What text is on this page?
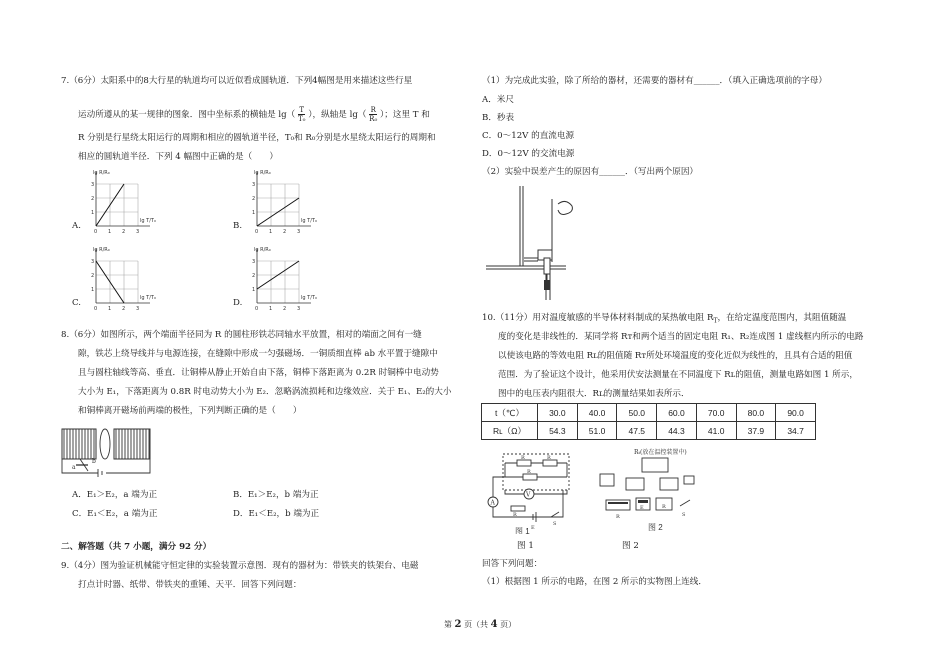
7.（6分）太阳系中的8大行星的轨道均可以近似看成圆轨道．下列4幅图是用来描述这些行星
运动所遵从的某一规律的图象．图中坐标系的横轴是 $\lg( \frac{T}{\text{T₀}}$ ），纵轴是 $\lg( \frac{R}{\text{R₀}}$ ）；这里 T 和
R 分别是行星绕太阳运行的周期和相应的圆轨道半径，T₀和 R₀分别是水星绕太阳运行的周期和
相应的圆轨道半径．下列 4 幅图中正确的是（　　）
A.	B.
C.	D.
0 1 2 3
3
2
1
lg R/R₀
lg T/T₀
0 1 2 3
3
2
1
lg R/R₀
lg T/T₀
0 1 2 3
3
2
1
lg R/R₀
lg T/T₀
0 1 2 3
3
2
1
lg R/R₀
lg T/T₀
8.（6分）如图所示，两个端面半径同为 R 的圆柱形铁芯同轴水平放置，相对的端面之间有一缝
隙，铁芯上绕导线并与电源连接，在缝隙中形成一匀强磁场．一铜质细直棒 ab 水平置于缝隙中
且与圆柱轴线等高、垂直．让铜棒从静止开始自由下落，铜棒下落距离为 0.2R 时铜棒中电动势
大小为 E₁，下落距离为 0.8R 时电动势大小为 E₂．忽略涡流损耗和边缘效应．关于 E₁、E₂的大小
和铜棒离开磁场前两端的极性，下列判断正确的是（　　）
b
a
A．E₁＞E₂，a 端为正	B．E₁＞E₂，b 端为正
C．E₁＜E₂，a 端为正	D．E₁＜E₂，b 端为正
二、解答题（共 7 小题，满分 92 分）
9.（4分）图为验证机械能守恒定律的实验装置示意图．现有的器材为：带铁夹的铁架台、电磁
打点计时器、纸带、带铁夹的重锤、天平．回答下列问题：
（1）为完成此实验，除了所给的器材，还需要的器材有______．（填入正确选项前的字母）
A．米尺
B．秒表
C．0～12V 的直流电源
D．0～12V 的交流电源
（2）实验中误差产生的原因有______．（写出两个原因）
10.（11分）用对温度敏感的半导体材料制成的某热敏电阻 $R_T$，在给定温度范围内，其阻值随温
度的变化是非线性的．某同学将 Rт和两个适当的固定电阻 R₁、R₂连成图 1 虚线框内所示的电路
以使该电路的等效电阻 Rʟ的阻值随 Rт所处环境温度的变化近似为线性的，且具有合适的阻值
范围．为了验证这个设计，他采用伏安法测量在不同温度下 Rʟ的阻值，测量电路如图 1 所示，
图中的电压表内阻很大．Rʟ的测量结果如表所示．
t（℃）	30.0	40.0	50.0	60.0	70.0	80.0	90.0
Rʟ（Ω）	54.3	51.0	47.5	44.3	41.0	37.9	34.7
V
A
R	R
R
R
E
S
图 1
Rₜ(放在温控装置中)
E	R
S
R
图 2
图 1	图 2
回答下列问题：
（1）根据图 1 所示的电路，在图 2 所示的实物图上连线．
第 2 页（共 4 页）
